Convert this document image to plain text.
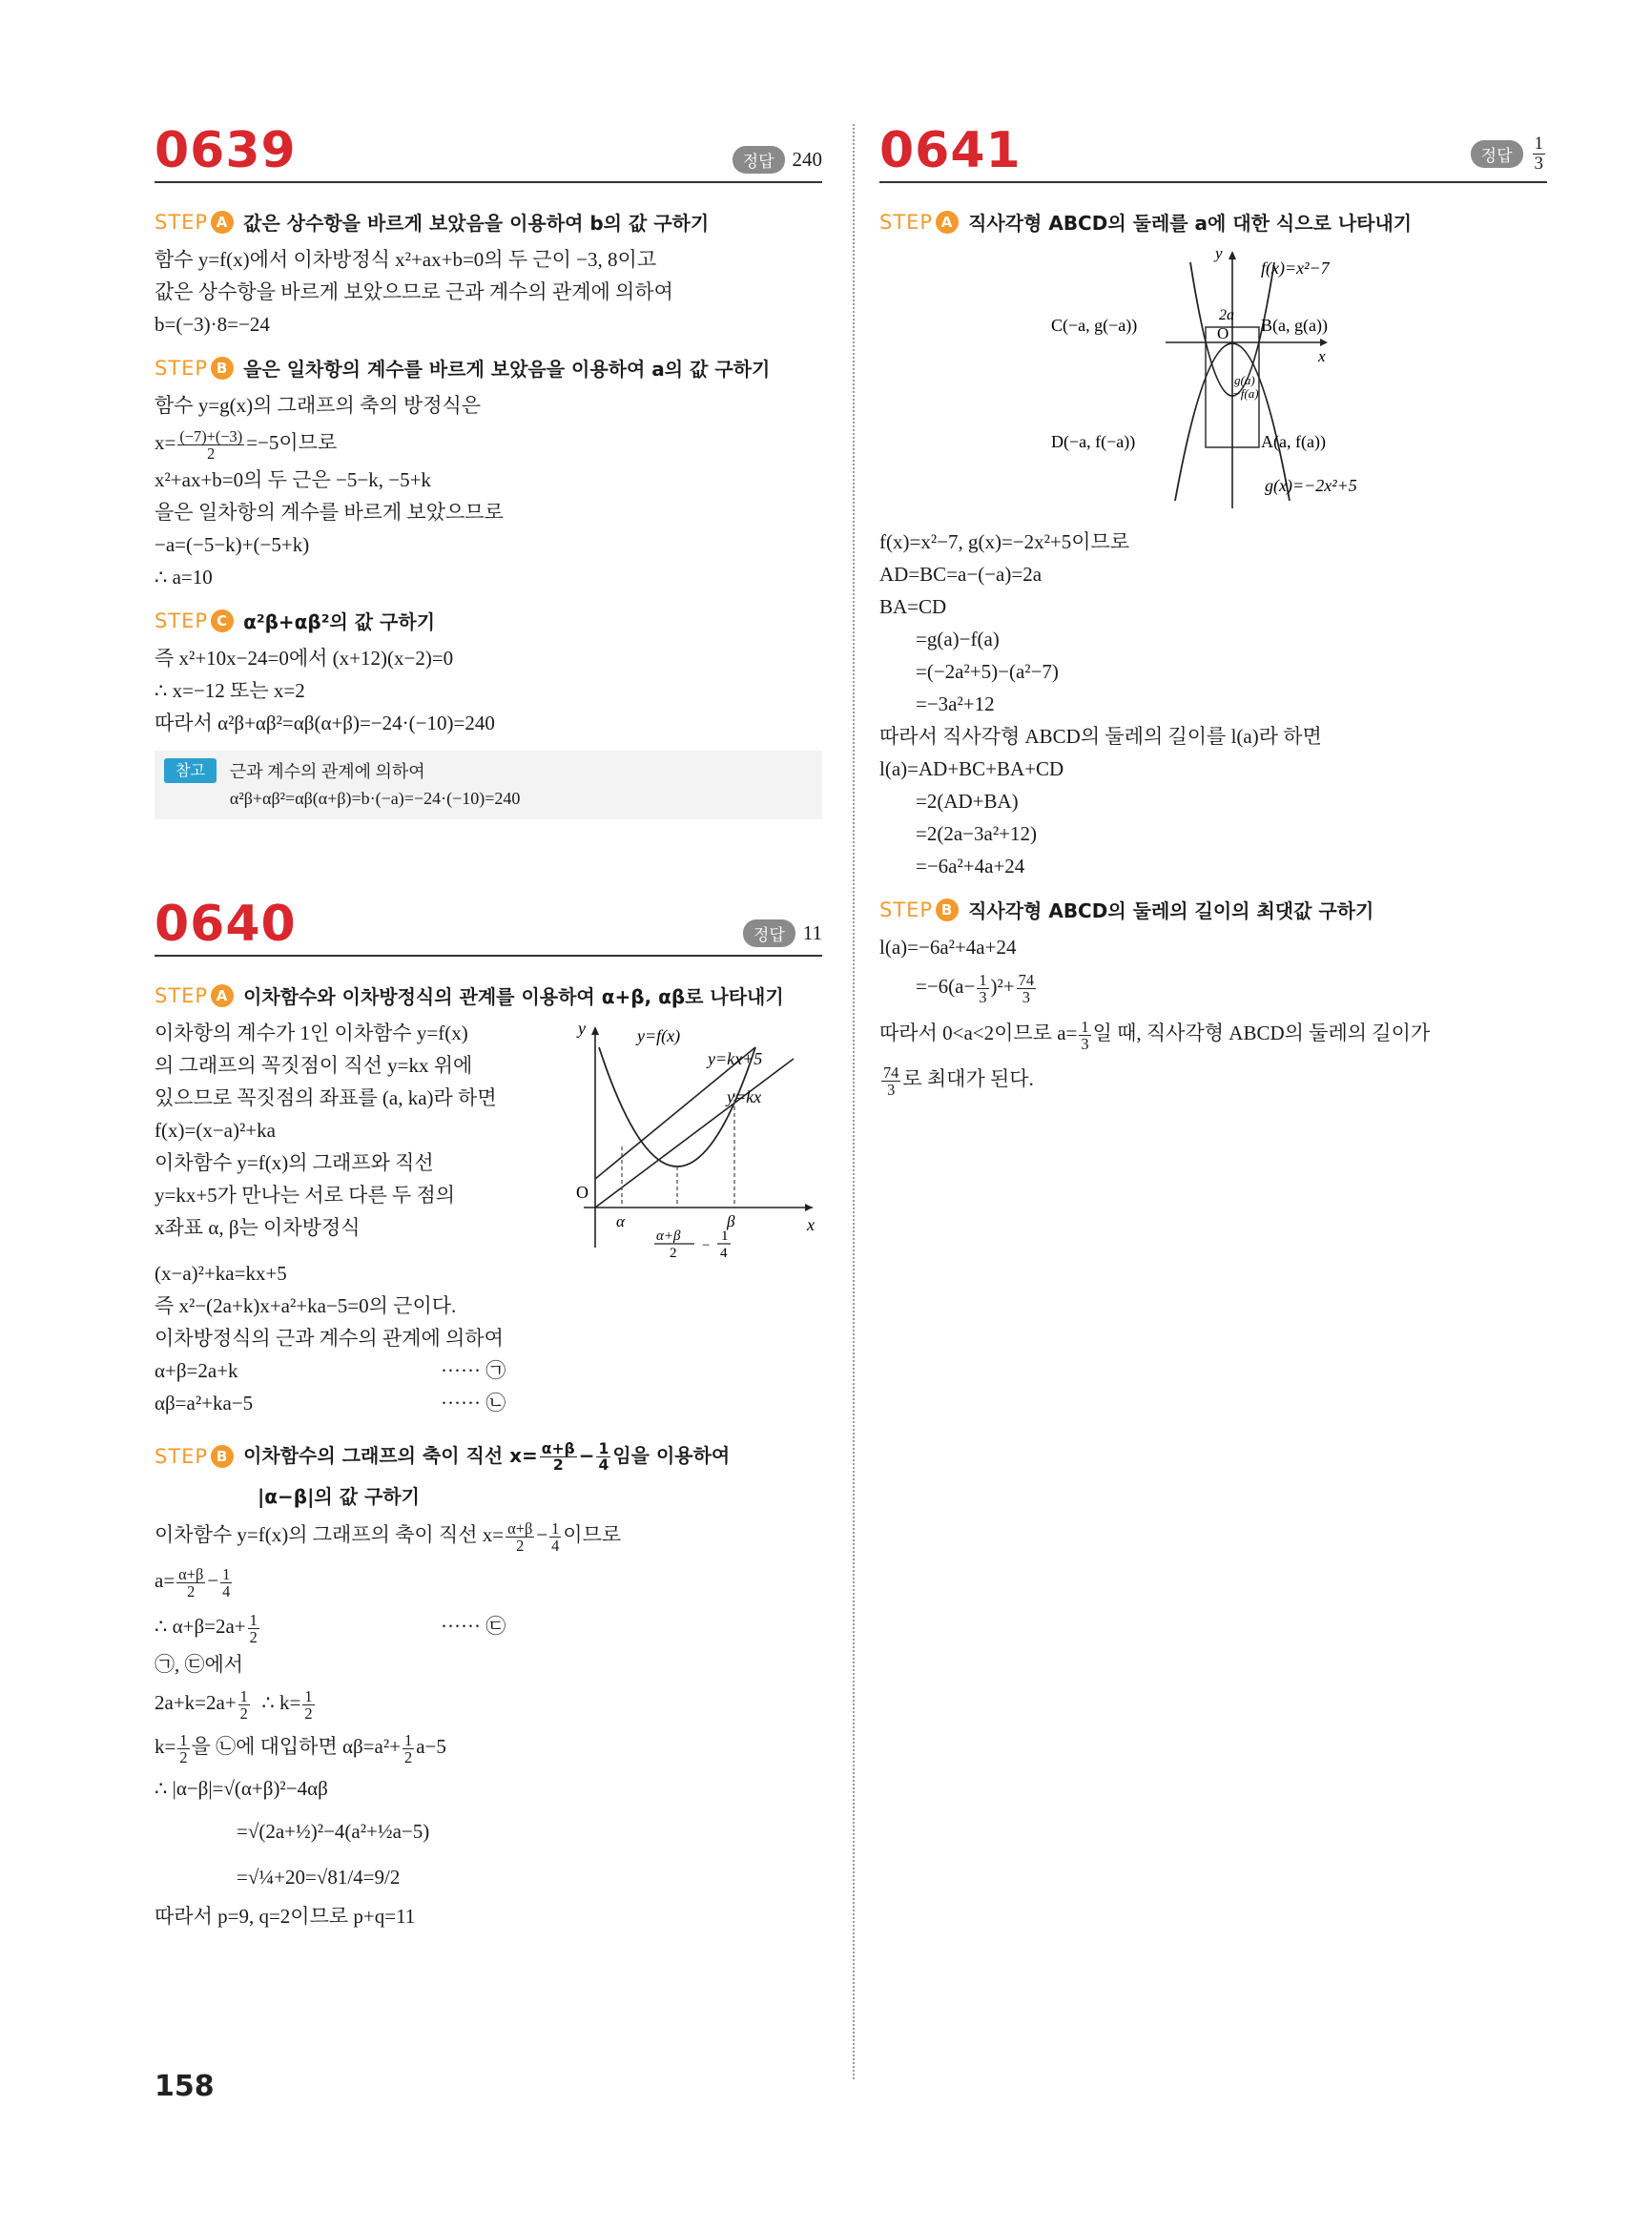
0639	정답 240
STEP A 값은 상수항을 바르게 보았음을 이용하여 b의 값 구하기
함수 y=f(x)에서 이차방정식 x²+ax+b=0의 두 근이 −3, 8이고
값은 상수항을 바르게 보았으므로 근과 계수의 관계에 의하여
b=(−3)·8=−24
STEP B 을은 일차항의 계수를 바르게 보았음을 이용하여 a의 값 구하기
함수 y=g(x)의 그래프의 축의 방정식은
$x= \frac{(-7)+(-3)}{2} =-5$이므로
x²+ax+b=0의 두 근은 −5−k, −5+k
을은 일차항의 계수를 바르게 보았으므로
−a=(−5−k)+(−5+k)
∴ a=10
STEP C α²β+αβ²의 값 구하기
즉 x²+10x−24=0에서 (x+12)(x−2)=0
∴ x=−12 또는 x=2
따라서 α²β+αβ²=αβ(α+β)=−24·(−10)=240
참고	근과 계수의 관계에 의하여
α²β+αβ²=αβ(α+β)=b·(−a)=−24·(−10)=240
0640	정답 11
STEP A 이차함수와 이차방정식의 관계를 이용하여 α+β, αβ로 나타내기
이차항의 계수가 1인 이차함수 y=f(x)
의 그래프의 꼭짓점이 직선 y=kx 위에
있으므로 꼭짓점의 좌표를 (a, ka)라 하면
f(x)=(x−a)²+ka
이차함수 y=f(x)의 그래프와 직선
y=kx+5가 만나는 서로 다른 두 점의
x좌표 α, β는 이차방정식
y
x
O
y=f(x)
y=kx+5
y=kx
α	β
α+β
2 −
1
4
(x−a)²+ka=kx+5
즉 x²−(2a+k)x+a²+ka−5=0의 근이다.
이차방정식의 근과 계수의 관계에 의하여
α+β=2a+k	······ ㉠
αβ=a²+ka−5	······ ㉡
STEP B 이차함수의 그래프의 축이 직선 $x= \frac{\alpha+\beta}{2} - \frac{1}{4}$ 임을 이용하여
|α−β|의 값 구하기
이차함수 y=f(x)의 그래프의 축이 직선 $x= \frac{\alpha+\beta}{2} - \frac{1}{4}$ 이므로
$a= \frac{\alpha+\beta}{2} - \frac{1}{4}$
∴ $\alpha+\beta=2a+ \frac{1}{2}$	······ ㉢
㉠, ㉢에서
$2a+k=2a+ \frac{1}{2}$ ∴ $k= \frac{1}{2}$
$k= \frac{1}{2}$ 을 ㉡에 대입하면 $\alpha\beta=a^2+ \frac{1}{2} a-5$
∴ |α−β|=√(α+β)²−4αβ
=√(2a+½)²−4(a²+½a−5)
=√¼+20=√81/4=9/2
따라서 p=9, q=2이므로 p+q=11
0641	정답	$\frac{1}{3}$
STEP A 직사각형 ABCD의 둘레를 a에 대한 식으로 나타내기
y
x
O
f(x)=x²−7
g(x)=−2x²+5
C(−a, g(−a))	B(a, g(a))
D(−a, f(−a))	A(a, f(a))
2a
g(a)
−f(a)
f(x)=x²−7, g(x)=−2x²+5이므로
AD=BC=a−(−a)=2a
BA=CD
=g(a)−f(a)
=(−2a²+5)−(a²−7)
=−3a²+12
따라서 직사각형 ABCD의 둘레의 길이를 l(a)라 하면
l(a)=AD+BC+BA+CD
=2(AD+BA)
=2(2a−3a²+12)
=−6a²+4a+24
STEP B 직사각형 ABCD의 둘레의 길이의 최댓값 구하기
l(a)=−6a²+4a+24
$=-6(a- \frac{1}{3} )^2+ \frac{74}{3}$
따라서 0<a<2이므로 $a= \frac{1}{3}$ 일 때, 직사각형 ABCD의 둘레의 길이가
$\frac{74}{3}$ 로 최대가 된다.
158
